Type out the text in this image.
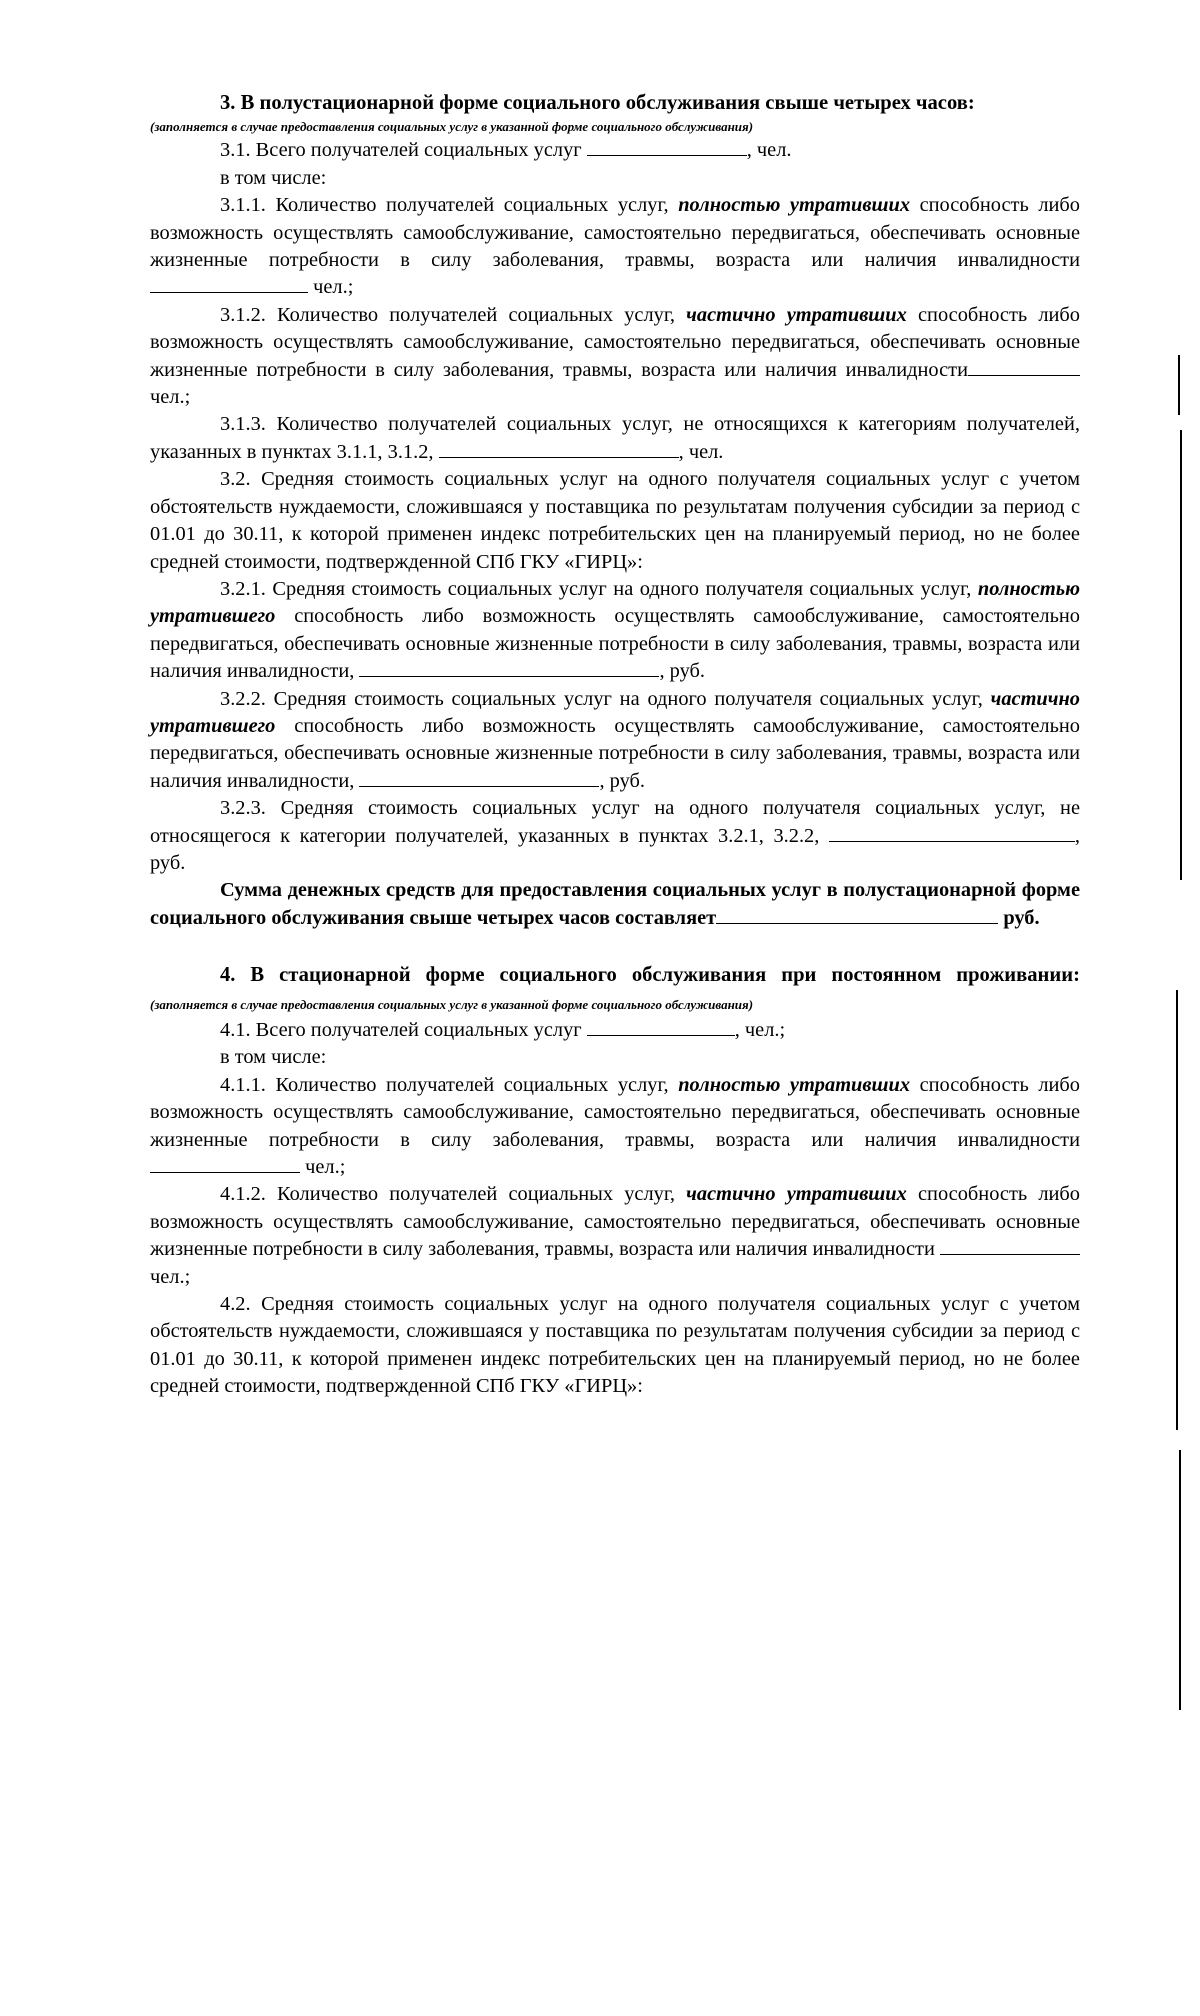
3. В полустационарной форме социального обслуживания свыше четырех часов:

(заполняется в случае предоставления социальных услуг в указанной форме социального обслуживания)

3.1. Всего получателей социальных услуг	, чел.

в том числе:

3.1.1. Количество получателей социальных услуг, полностью утративших способность либо возможность осуществлять самообслуживание, самостоятельно передвигаться, обеспечивать основные жизненные потребности в силу заболевания, травмы, возраста или наличия инвалидности чел.;

3.1.2. Количество получателей социальных услуг, частично утративших способность либо возможность осуществлять самообслуживание, самостоятельно передвигаться, обеспечивать основные жизненные потребности в силу заболевания, травмы, возраста или наличия инвалидности чел.;

3.1.3. Количество получателей социальных услуг, не относящихся к категориям получателей, указанных в пунктах 3.1.1, 3.1.2,	, чел.

3.2. Средняя стоимость социальных услуг на одного получателя социальных услуг с учетом обстоятельств нуждаемости, сложившаяся у поставщика по результатам получения субсидии за период с 01.01 до 30.11, к которой применен индекс потребительских цен на планируемый период, но не более средней стоимости, подтвержденной СПб ГКУ «ГИРЦ»:

3.2.1. Средняя стоимость социальных услуг на одного получателя социальных услуг, полностью утратившего способность либо возможность осуществлять самообслуживание, самостоятельно передвигаться, обеспечивать основные жизненные потребности в силу заболевания, травмы, возраста или наличия инвалидности,	, руб.

3.2.2. Средняя стоимость социальных услуг на одного получателя социальных услуг, частично утратившего способность либо возможность осуществлять самообслуживание, самостоятельно передвигаться, обеспечивать основные жизненные потребности в силу заболевания, травмы, возраста или наличия инвалидности,	, руб.

3.2.3. Средняя стоимость социальных услуг на одного получателя социальных услуг, не относящегося к категории получателей, указанных в пунктах 3.2.1, 3.2.2,	, руб.

Сумма денежных средств для предоставления социальных услуг в полустационарной форме социального обслуживания свыше четырех часов составляет	руб.

4. В стационарной форме социального обслуживания при постоянном проживании: (заполняется в случае предоставления социальных услуг в указанной форме социального обслуживания)

4.1. Всего получателей социальных услуг	, чел.;

в том числе:

4.1.1. Количество получателей социальных услуг, полностью утративших способность либо возможность осуществлять самообслуживание, самостоятельно передвигаться, обеспечивать основные жизненные потребности в силу заболевания, травмы, возраста или наличия инвалидности чел.;

4.1.2. Количество получателей социальных услуг, частично утративших способность либо возможность осуществлять самообслуживание, самостоятельно передвигаться, обеспечивать основные жизненные потребности в силу заболевания, травмы, возраста или наличия инвалидности  чел.;

4.2. Средняя стоимость социальных услуг на одного получателя социальных услуг с учетом обстоятельств нуждаемости, сложившаяся у поставщика по результатам получения субсидии за период с 01.01 до 30.11, к которой применен индекс потребительских цен на планируемый период, но не более средней стоимости, подтвержденной СПб ГКУ «ГИРЦ»:
